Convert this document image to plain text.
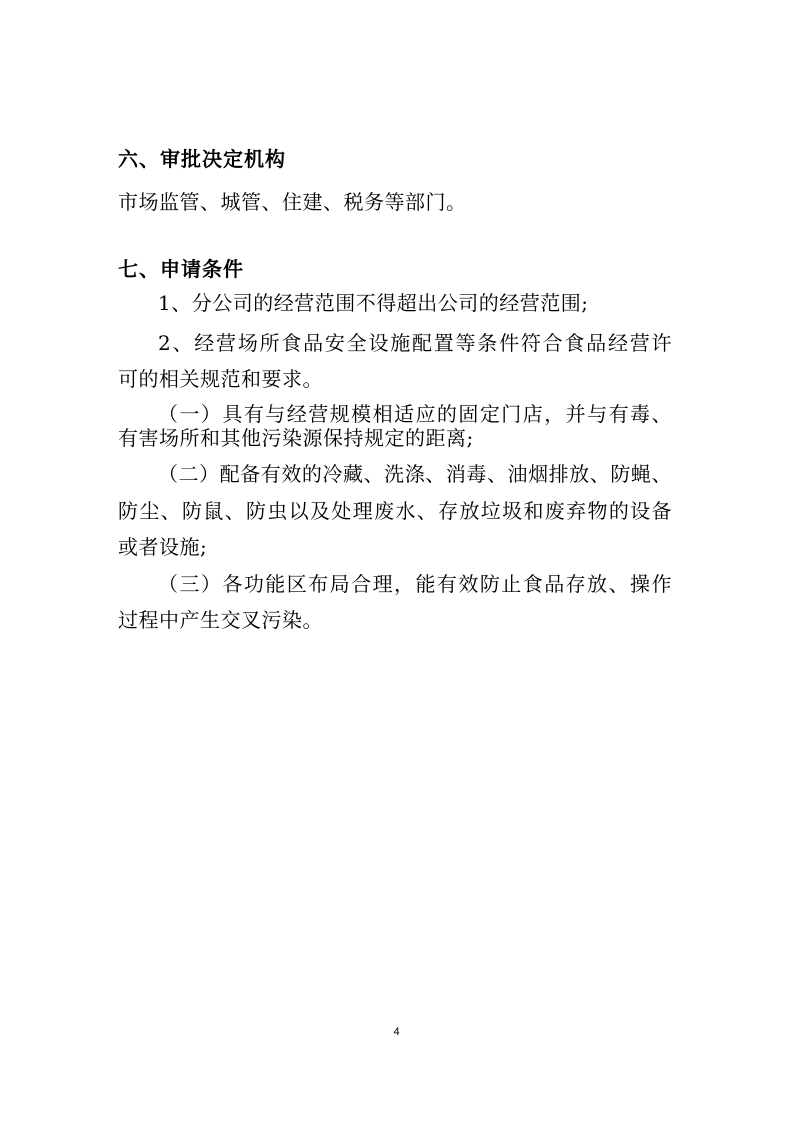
六、审批决定机构
市场监管、城管、住建、税务等部门。
七、申请条件
1、分公司的经营范围不得超出公司的经营范围;
2、经营场所食品安全设施配置等条件符合食品经营许
可的相关规范和要求。
（一）具有与经营规模相适应的固定门店，并与有毒、
有害场所和其他污染源保持规定的距离;
（二）配备有效的冷藏、洗涤、消毒、油烟排放、防蝇、
防尘、防鼠、防虫以及处理废水、存放垃圾和废弃物的设备
或者设施;
（三）各功能区布局合理，能有效防止食品存放、操作
过程中产生交叉污染。
4
